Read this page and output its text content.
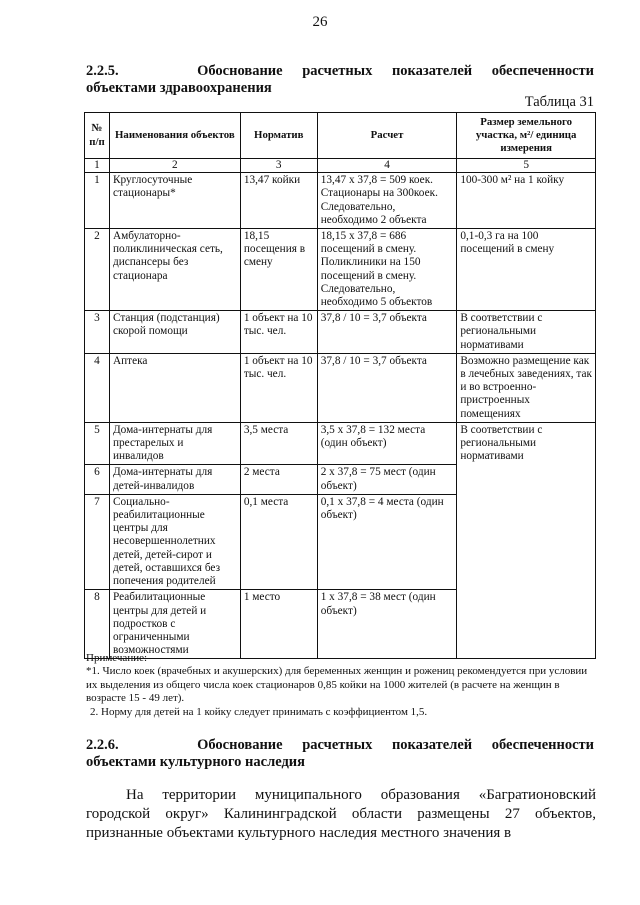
26
2.2.5.	Обоснование расчетных показателей обеспеченности
объектами здравоохранения
Таблица 31
№ п/п	Наименования объектов	Норматив	Расчет	Размер земельного участка, м²/ единица измерения
1	2	3	4	5
1	Круглосуточные стационары*	13,47 койки	13,47 х 37,8 = 509 коек. Стационары на 300коек. Следовательно, необходимо 2 объекта	100-300 м² на 1 койку
2	Амбулаторно-поликлиническая сеть, диспансеры без стационара	18,15 посещения в смену	18,15 х 37,8 = 686 посещений в смену. Поликлиники на 150 посещений в смену. Следовательно, необходимо 5 объектов	0,1-0,3 га на 100 посещений в смену
3	Станция (подстанция) скорой помощи	1 объект на 10 тыс. чел.	37,8 / 10 = 3,7 объекта	В соответствии с региональными нормативами
4	Аптека	1 объект на 10 тыс. чел.	37,8 / 10 = 3,7 объекта	Возможно размещение как в лечебных заведениях, так и во встроенно-пристроенных помещениях
5	Дома-интернаты для престарелых и инвалидов	3,5 места	3,5 х 37,8 = 132 места (один объект)	В соответствии с региональными нормативами
6	Дома-интернаты для детей-инвалидов	2 места	2 х 37,8 = 75 мест (один объект)	
7	Социально-реабилитационные центры для несовершеннолетних детей, детей-сирот и детей, оставшихся без попечения родителей	0,1 места	0,1 х 37,8 = 4 места (один объект)	
8	Реабилитационные центры для детей и подростков с ограниченными возможностями	1 место	1 х 37,8 = 38 мест (один объект)	
Примечание:
*1. Число коек (врачебных и акушерских) для беременных женщин и рожениц рекомендуется при условии их выделения из общего числа коек стационаров 0,85 койки на 1000 жителей (в расчете на женщин в возрасте 15 - 49 лет).
2. Норму для детей на 1 койку следует принимать с коэффициентом 1,5.
2.2.6.	Обоснование расчетных показателей обеспеченности
объектами культурного наследия
На территории муниципального образования «Багратионовский городской округ» Калининградской области размещены 27 объектов, признанные объектами культурного наследия местного значения в
